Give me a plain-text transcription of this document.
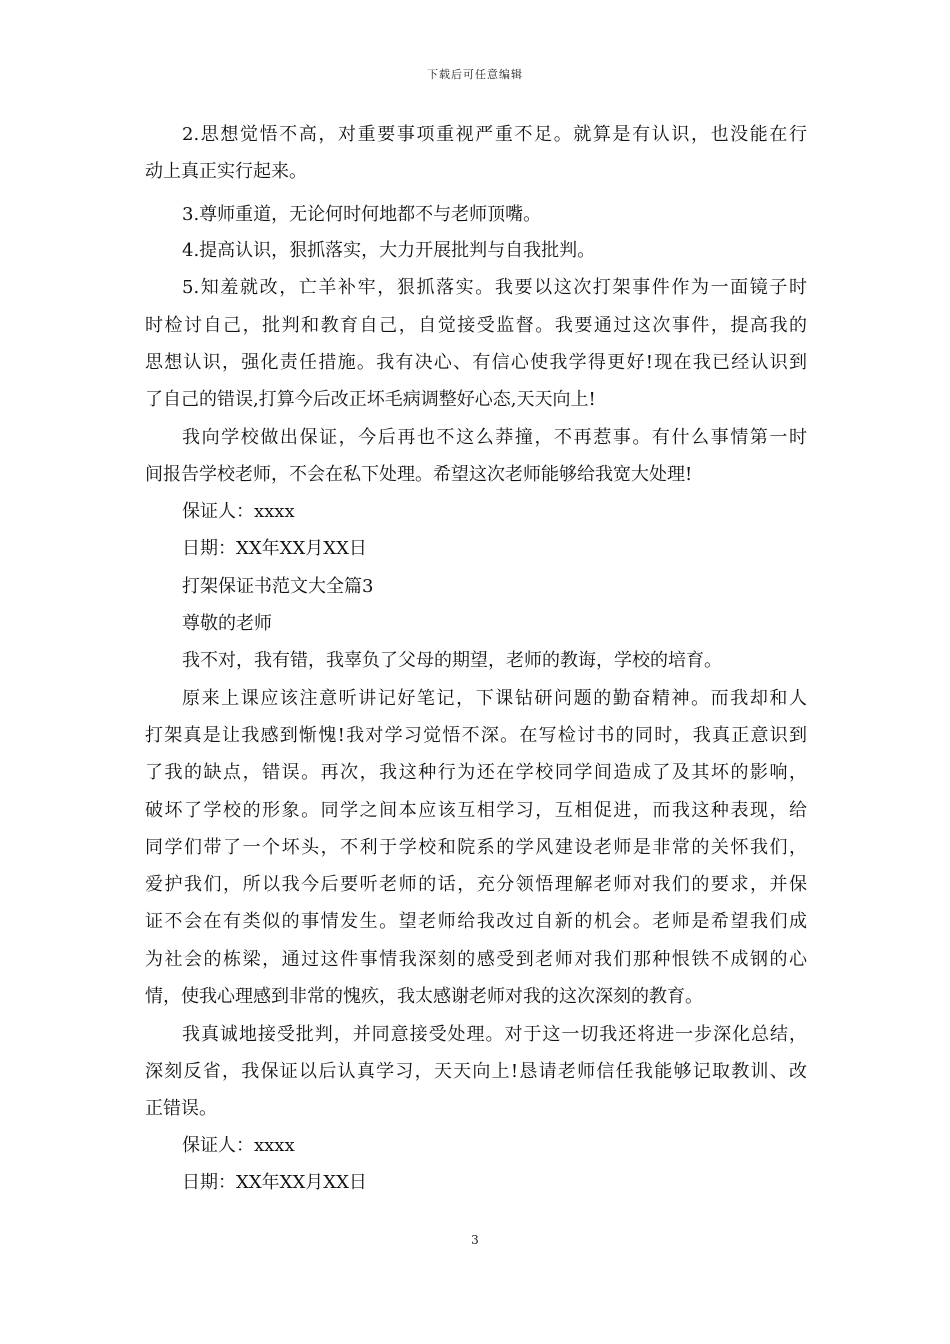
下载后可任意编辑
2.思想觉悟不高，对重要事项重视严重不足。就算是有认识，也没能在行
动上真正实行起来。
3.尊师重道，无论何时何地都不与老师顶嘴。
4.提高认识，狠抓落实，大力开展批判与自我批判。
5.知羞就改，亡羊补牢，狠抓落实。我要以这次打架事件作为一面镜子时
时检讨自己，批判和教育自己，自觉接受监督。我要通过这次事件，提高我的
思想认识，强化责任措施。我有决心、有信心使我学得更好!现在我已经认识到
了自己的错误,打算今后改正坏毛病调整好心态,天天向上!
我向学校做出保证，今后再也不这么莽撞，不再惹事。有什么事情第一时
间报告学校老师，不会在私下处理。希望这次老师能够给我宽大处理!
保证人：xxxx
日期：XX年XX月XX日
打架保证书范文大全篇3
尊敬的老师
我不对，我有错，我辜负了父母的期望，老师的教诲，学校的培育。
原来上课应该注意听讲记好笔记，下课钻研问题的勤奋精神。而我却和人
打架真是让我感到惭愧!我对学习觉悟不深。在写检讨书的同时，我真正意识到
了我的缺点，错误。再次，我这种行为还在学校同学间造成了及其坏的影响，
破坏了学校的形象。同学之间本应该互相学习，互相促进，而我这种表现，给
同学们带了一个坏头，不利于学校和院系的学风建设老师是非常的关怀我们，
爱护我们，所以我今后要听老师的话，充分领悟理解老师对我们的要求，并保
证不会在有类似的事情发生。望老师给我改过自新的机会。老师是希望我们成
为社会的栋梁，通过这件事情我深刻的感受到老师对我们那种恨铁不成钢的心
情，使我心理感到非常的愧疚，我太感谢老师对我的这次深刻的教育。
我真诚地接受批判，并同意接受处理。对于这一切我还将进一步深化总结，
深刻反省，我保证以后认真学习，天天向上!恳请老师信任我能够记取教训、改
正错误。
保证人：xxxx
日期：XX年XX月XX日
3
